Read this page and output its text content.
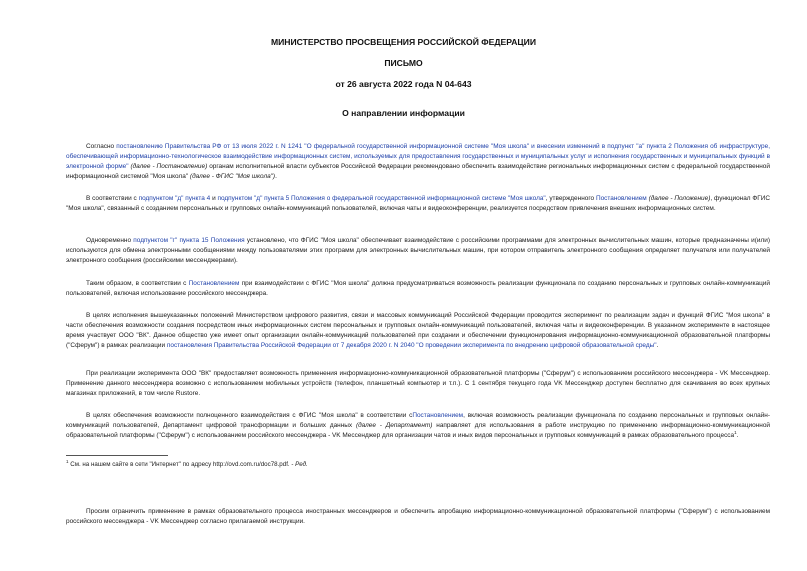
МИНИСТЕРСТВО ПРОСВЕЩЕНИЯ РОССИЙСКОЙ ФЕДЕРАЦИИ
ПИСЬМО
от 26 августа 2022 года N 04-643
О направлении информации
Согласно постановлению Правительства РФ от 13 июля 2022 г. N 1241 "О федеральной государственной информационной системе "Моя школа" и внесении изменений в подпункт "а" пункта 2 Положения об инфраструктуре, обеспечивающей информационно-технологическое взаимодействие информационных систем, используемых для предоставления государственных и муниципальных услуг и исполнения государственных и муниципальных функций в электронной форме" (далее - Постановление) органам исполнительной власти субъектов Российской Федерации рекомендовано обеспечить взаимодействие региональных информационных систем с федеральной государственной информационной системой "Моя школа" (далее - ФГИС "Моя школа").
В соответствии с подпунктом "д" пункта 4 и подпунктом "д" пункта 5 Положения о федеральной государственной информационной системе "Моя школа", утвержденного Постановлением (далее - Положение), функционал ФГИС "Моя школа", связанный с созданием персональных и групповых онлайн-коммуникаций пользователей, включая чаты и видеоконференции, реализуется посредством привлечения внешних информационных систем.
Одновременно подпунктом "г" пункта 15 Положения установлено, что ФГИС "Моя школа" обеспечивает взаимодействие с российскими программами для электронных вычислительных машин, которые предназначены и(или) используются для обмена электронными сообщениями между пользователями этих программ для электронных вычислительных машин, при котором отправитель электронного сообщения определяет получателя или получателей электронного сообщения (российскими мессенджерами).
Таким образом, в соответствии с Постановлением при взаимодействии с ФГИС "Моя школа" должна предусматриваться возможность реализации функционала по созданию персональных и групповых онлайн-коммуникаций пользователей, включая использование российского мессенджера.
В целях исполнения вышеуказанных положений Министерством цифрового развития, связи и массовых коммуникаций Российской Федерации проводится эксперимент по реализации задач и функций ФГИС "Моя школа" в части обеспечения возможности создания посредством иных информационных систем персональных и групповых онлайн-коммуникаций пользователей, включая чаты и видеоконференции. В указанном эксперименте в настоящее время участвует ООО "ВК". Данное общество уже имеет опыт организации онлайн-коммуникаций пользователей при создании и обеспечении функционирования информационно-коммуникационной образовательной платформы ("Сферум") в рамках реализации постановления Правительства Российской Федерации от 7 декабря 2020 г. N 2040 "О проведении эксперимента по внедрению цифровой образовательной среды".
При реализации эксперимента ООО "ВК" предоставляет возможность применения информационно-коммуникационной образовательной платформы ("Сферум") с использованием российского мессенджера - VK Мессенджер. Применение данного мессенджера возможно с использованием мобильных устройств (телефон, планшетный компьютер и т.п.). С 1 сентября текущего года VK Мессенджер доступен бесплатно для скачивания во всех крупных магазинах приложений, в том числе Rustore.
В целях обеспечения возможности полноценного взаимодействия с ФГИС "Моя школа" в соответствии сПостановлением, включая возможность реализации функционала по созданию персональных и групповых онлайн-коммуникаций пользователей, Департамент цифровой трансформации и больших данных (далее - Департамент) направляет для использования в работе инструкцию по применению информационно-коммуникационной образовательной платформы ("Сферум") с использованием российского мессенджера - VK Мессенджер для организации чатов и иных видов персональных и групповых коммуникаций в рамках образовательного процесса$^1$.
$^1$ См. на нашем сайте в сети "Интернет" по адресу http://ovd.com.ru/doc78.pdf. - Ред.
Просим ограничить применение в рамках образовательного процесса иностранных мессенджеров и обеспечить апробацию информационно-коммуникационной образовательной платформы ("Сферум") с использованием российского мессенджера - VK Мессенджер согласно прилагаемой инструкции.
